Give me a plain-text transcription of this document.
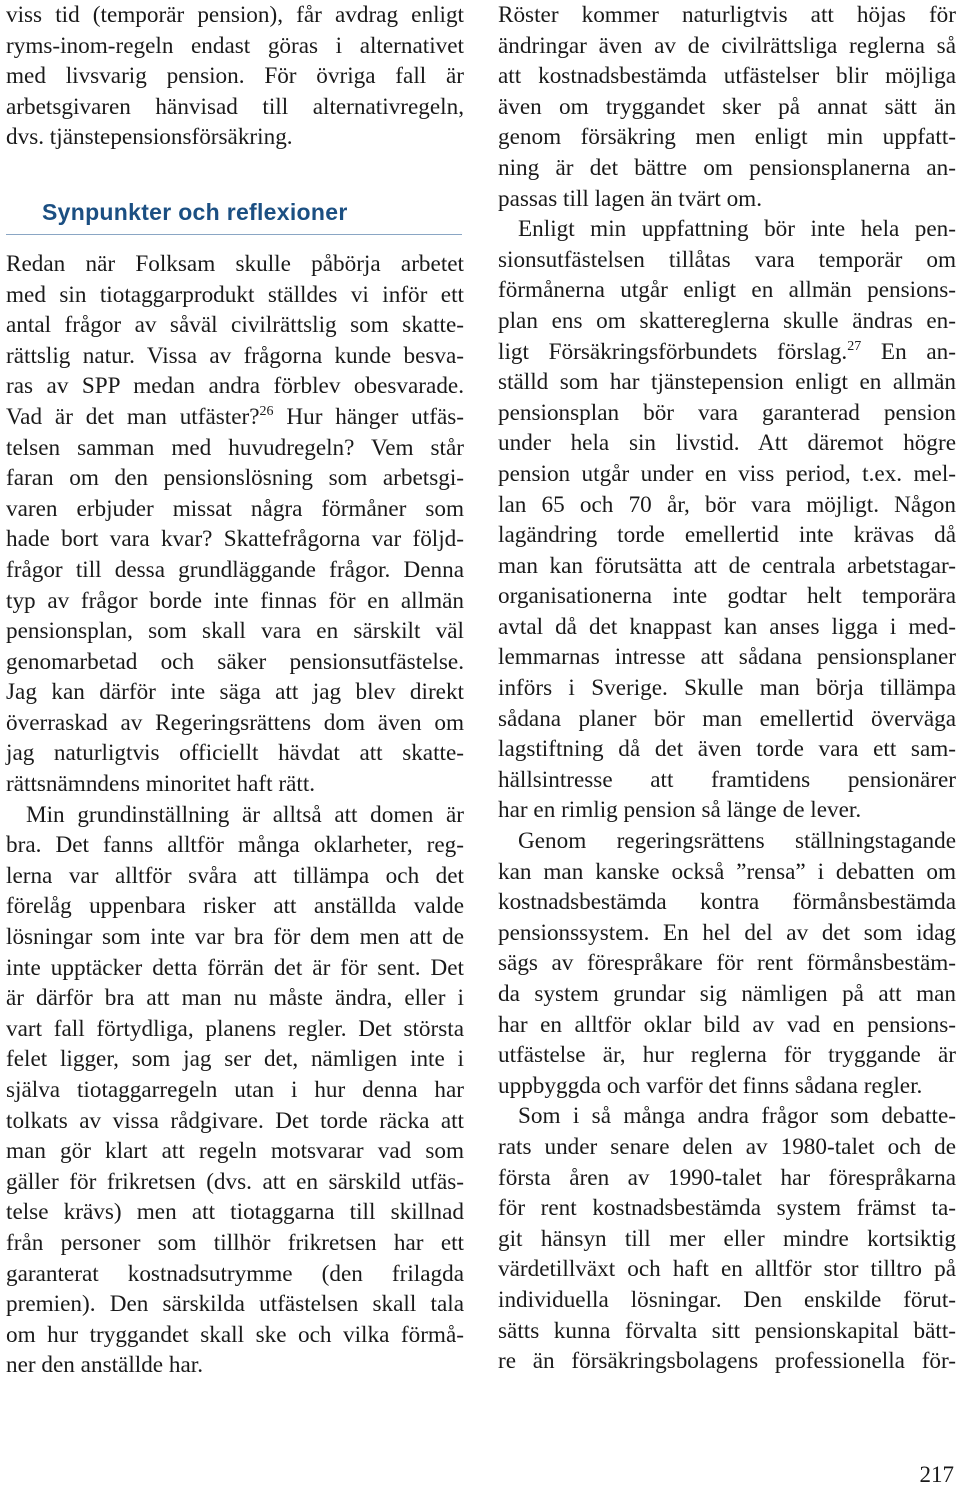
viss tid (temporär pension), får avdrag enligt
ryms-inom-regeln endast göras i alternativet
med livsvarig pension. För övriga fall är
arbetsgivaren hänvisad till alternativregeln,
dvs. tjänstepensionsförsäkring.
Synpunkter och reflexioner
Redan när Folksam skulle påbörja arbetet
med sin tiotaggarprodukt ställdes vi inför ett
antal frågor av såväl civilrättslig som skatte-
rättslig natur. Vissa av frågorna kunde besva-
ras av SPP medan andra förblev obesvarade.
Vad är det man utfäster?$^{26}$ Hur hänger utfäs-
telsen samman med huvudregeln? Vem står
faran om den pensionslösning som arbetsgi-
varen erbjuder missat några förmåner som
hade bort vara kvar? Skattefrågorna var följd-
frågor till dessa grundläggande frågor. Denna
typ av frågor borde inte finnas för en allmän
pensionsplan, som skall vara en särskilt väl
genomarbetad och säker pensionsutfästelse.
Jag kan därför inte säga att jag blev direkt
överraskad av Regeringsrättens dom även om
jag naturligtvis officiellt hävdat att skatte-
rättsnämndens minoritet haft rätt.
Min grundinställning är alltså att domen är
bra. Det fanns alltför många oklarheter, reg-
lerna var alltför svåra att tillämpa och det
förelåg uppenbara risker att anställda valde
lösningar som inte var bra för dem men att de
inte upptäcker detta förrän det är för sent. Det
är därför bra att man nu måste ändra, eller i
vart fall förtydliga, planens regler. Det största
felet ligger, som jag ser det, nämligen inte i
själva tiotaggarregeln utan i hur denna har
tolkats av vissa rådgivare. Det torde räcka att
man gör klart att regeln motsvarar vad som
gäller för frikretsen (dvs. att en särskild utfäs-
telse krävs) men att tiotaggarna till skillnad
från personer som tillhör frikretsen har ett
garanterat kostnadsutrymme (den frilagda
premien). Den särskilda utfästelsen skall tala
om hur tryggandet skall ske och vilka förmå-
ner den anställde har.
Röster kommer naturligtvis att höjas för
ändringar även av de civilrättsliga reglerna så
att kostnadsbestämda utfästelser blir möjliga
även om tryggandet sker på annat sätt än
genom försäkring men enligt min uppfatt-
ning är det bättre om pensionsplanerna an-
passas till lagen än tvärt om.
Enligt min uppfattning bör inte hela pen-
sionsutfästelsen tillåtas vara temporär om
förmånerna utgår enligt en allmän pensions-
plan ens om skattereglerna skulle ändras en-
ligt Försäkringsförbundets förslag.$^{27}$ En an-
ställd som har tjänstepension enligt en allmän
pensionsplan bör vara garanterad pension
under hela sin livstid. Att däremot högre
pension utgår under en viss period, t.ex. mel-
lan 65 och 70 år, bör vara möjligt. Någon
lagändring torde emellertid inte krävas då
man kan förutsätta att de centrala arbetstagar-
organisationerna inte godtar helt temporära
avtal då det knappast kan anses ligga i med-
lemmarnas intresse att sådana pensionsplaner
införs i Sverige. Skulle man börja tillämpa
sådana planer bör man emellertid överväga
lagstiftning då det även torde vara ett sam-
hällsintresse att framtidens pensionärer
har en rimlig pension så länge de lever.
Genom regeringsrättens ställningstagande
kan man kanske också ”rensa” i debatten om
kostnadsbestämda kontra förmånsbestämda
pensionssystem. En hel del av det som idag
sägs av förespråkare för rent förmånsbestäm-
da system grundar sig nämligen på att man
har en alltför oklar bild av vad en pensions-
utfästelse är, hur reglerna för tryggande är
uppbyggda och varför det finns sådana regler.
Som i så många andra frågor som debatte-
rats under senare delen av 1980-talet och de
första åren av 1990-talet har förespråkarna
för rent kostnadsbestämda system främst ta-
git hänsyn till mer eller mindre kortsiktig
värdetillväxt och haft en alltför stor tilltro på
individuella lösningar. Den enskilde förut-
sätts kunna förvalta sitt pensionskapital bätt-
re än försäkringsbolagens professionella för-
217
